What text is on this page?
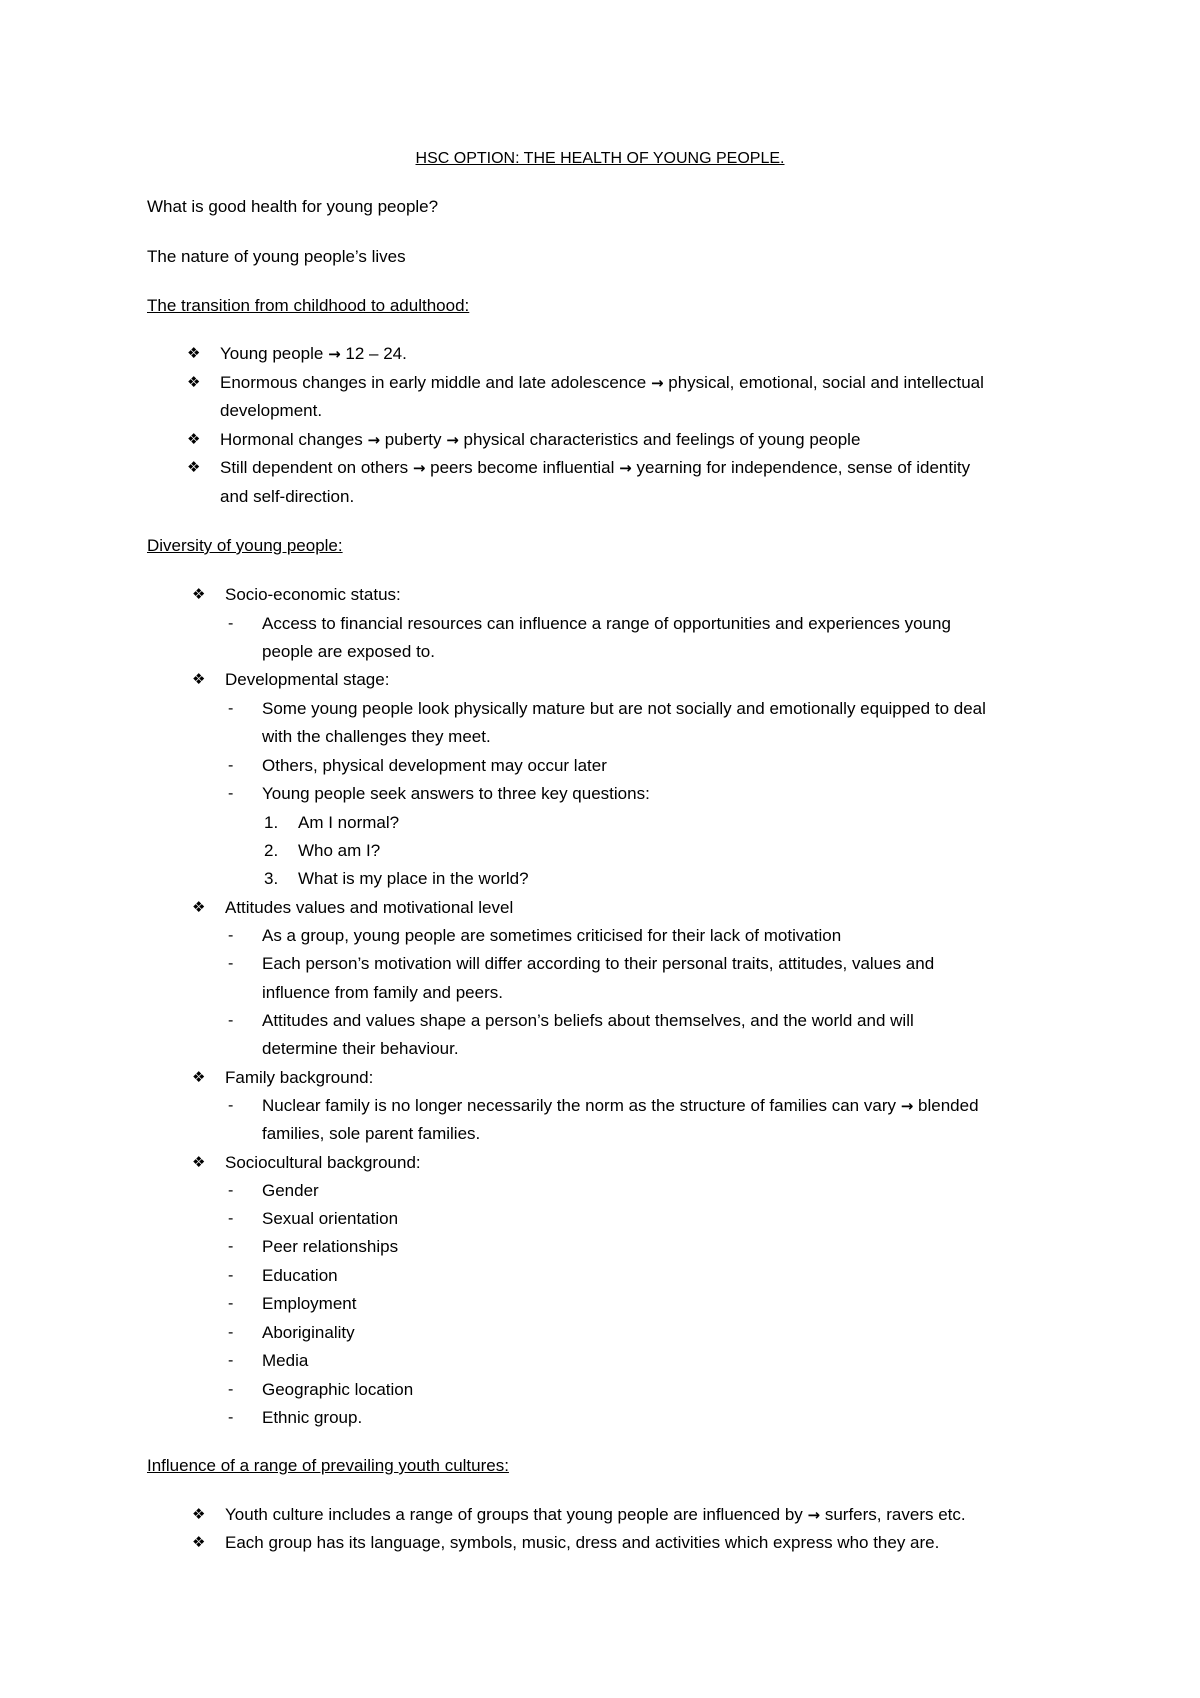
HSC OPTION: THE HEALTH OF YOUNG PEOPLE.
What is good health for young people?
The nature of young people’s lives
The transition from childhood to adulthood:
❖ Young people → 12 – 24.
❖ Enormous changes in early middle and late adolescence → physical, emotional, social and intellectual
development.
❖ Hormonal changes → puberty → physical characteristics and feelings of young people
❖ Still dependent on others → peers become influential → yearning for independence, sense of identity
and self-direction.
Diversity of young people:
❖ Socio-economic status:
- Access to financial resources can influence a range of opportunities and experiences young
people are exposed to.
❖ Developmental stage:
- Some young people look physically mature but are not socially and emotionally equipped to deal
with the challenges they meet.
- Others, physical development may occur later
- Young people seek answers to three key questions:
1. Am I normal?
2. Who am I?
3. What is my place in the world?
❖ Attitudes values and motivational level
- As a group, young people are sometimes criticised for their lack of motivation
- Each person’s motivation will differ according to their personal traits, attitudes, values and
influence from family and peers.
- Attitudes and values shape a person’s beliefs about themselves, and the world and will
determine their behaviour.
❖ Family background:
- Nuclear family is no longer necessarily the norm as the structure of families can vary → blended
families, sole parent families.
❖ Sociocultural background:
- Gender
- Sexual orientation
- Peer relationships
- Education
- Employment
- Aboriginality
- Media
- Geographic location
- Ethnic group.
Influence of a range of prevailing youth cultures:
❖ Youth culture includes a range of groups that young people are influenced by → surfers, ravers etc.
❖ Each group has its language, symbols, music, dress and activities which express who they are.
